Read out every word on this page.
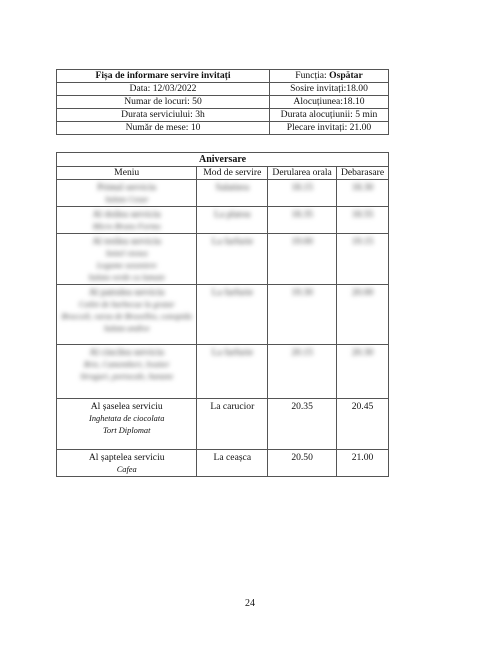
Fișa de informare servire invitați	Funcția: Ospătar
Data: 12/03/2022	Sosire invitați:18.00
Numar de locuri: 50	Alocuțiunea:18.10
Durata serviciului: 3h	Durata alocuțiunii: 5 min
Număr de mese: 10	Plecare invitați: 21.00
Aniversare			
Meniu	Mod de servire	Derularea orala	Debarasare

Primul serviciu
Salata Cezar	Salatiera	18.15	18.30

Al doilea serviciu
Micro Bruno Formo	La platou	18.35	18.55

Al treilea serviciu
Snitel vienez
Legume sezoniere
Salata verde cu lamaie	La farfurie	19.00	19.15

Al patrulea serviciu
Cotlet de barbecue la gratar
Broccoli, varza de Bruxelles, conopida
Salata andive	La farfurie	19.30	20.00

Al cincilea serviciu
Brie, Camembert, Svaiter
Struguri, portocale, banane	La farfurie	20.15	20.30

Al șaselea serviciu
Inghetata de ciocolata
Tort Diplomat	La carucior	20.35	20.45

Al șaptelea serviciu
Cafea	La ceașca	20.50	21.00
24
